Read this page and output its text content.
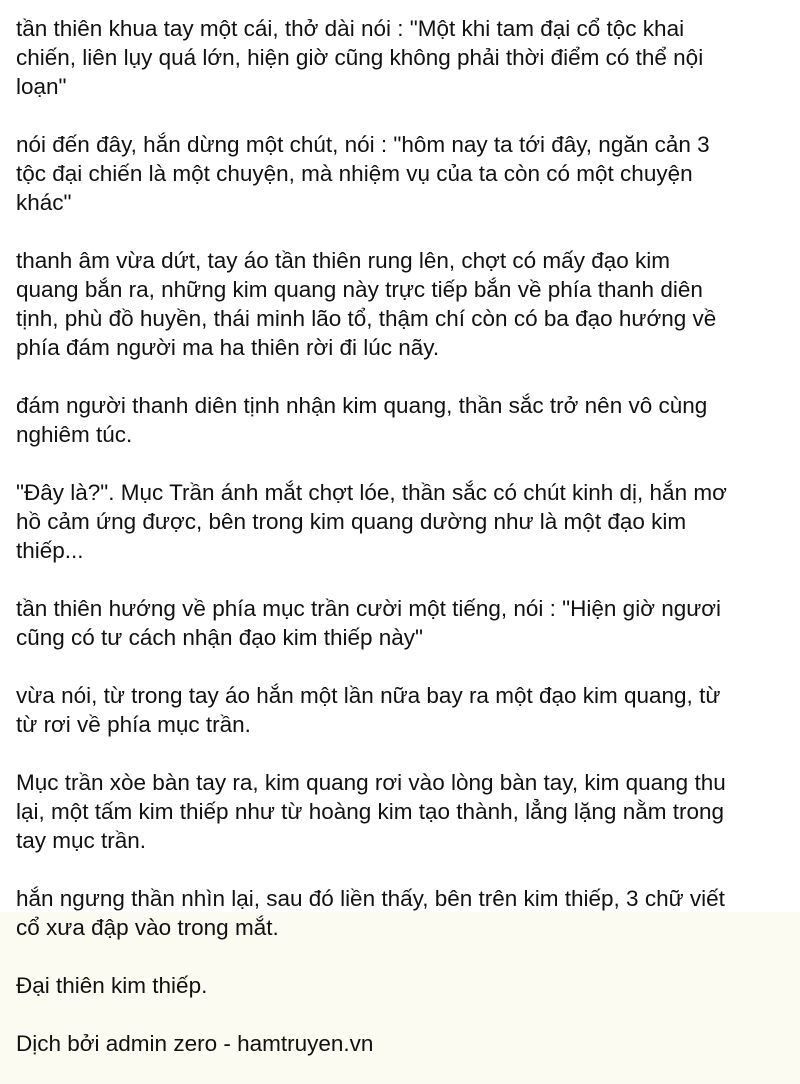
tần thiên khua tay một cái, thở dài nói : "Một khi tam đại cổ tộc khai
chiến, liên lụy quá lớn, hiện giờ cũng không phải thời điểm có thể nội
loạn"

nói đến đây, hắn dừng một chút, nói : "hôm nay ta tới đây, ngăn cản 3
tộc đại chiến là một chuyện, mà nhiệm vụ của ta còn có một chuyện
khác"

thanh âm vừa dứt, tay áo tần thiên rung lên, chợt có mấy đạo kim
quang bắn ra, những kim quang này trực tiếp bắn về phía thanh diên
tịnh, phù đồ huyền, thái minh lão tổ, thậm chí còn có ba đạo hướng về
phía đám người ma ha thiên rời đi lúc nãy.

đám người thanh diên tịnh nhận kim quang, thần sắc trở nên vô cùng
nghiêm túc.

"Đây là?". Mục Trần ánh mắt chợt lóe, thần sắc có chút kinh dị, hắn mơ
hồ cảm ứng được, bên trong kim quang dường như là một đạo kim
thiếp...

tần thiên hướng về phía mục trần cười một tiếng, nói : "Hiện giờ ngươi
cũng có tư cách nhận đạo kim thiếp này"

vừa nói, từ trong tay áo hắn một lần nữa bay ra một đạo kim quang, từ
từ rơi về phía mục trần.

Mục trần xòe bàn tay ra, kim quang rơi vào lòng bàn tay, kim quang thu
lại, một tấm kim thiếp như từ hoàng kim tạo thành, lẳng lặng nằm trong
tay mục trần.

hắn ngưng thần nhìn lại, sau đó liền thấy, bên trên kim thiếp, 3 chữ viết
cổ xưa đập vào trong mắt.

Đại thiên kim thiếp.

Dịch bởi admin zero - hamtruyen.vn
